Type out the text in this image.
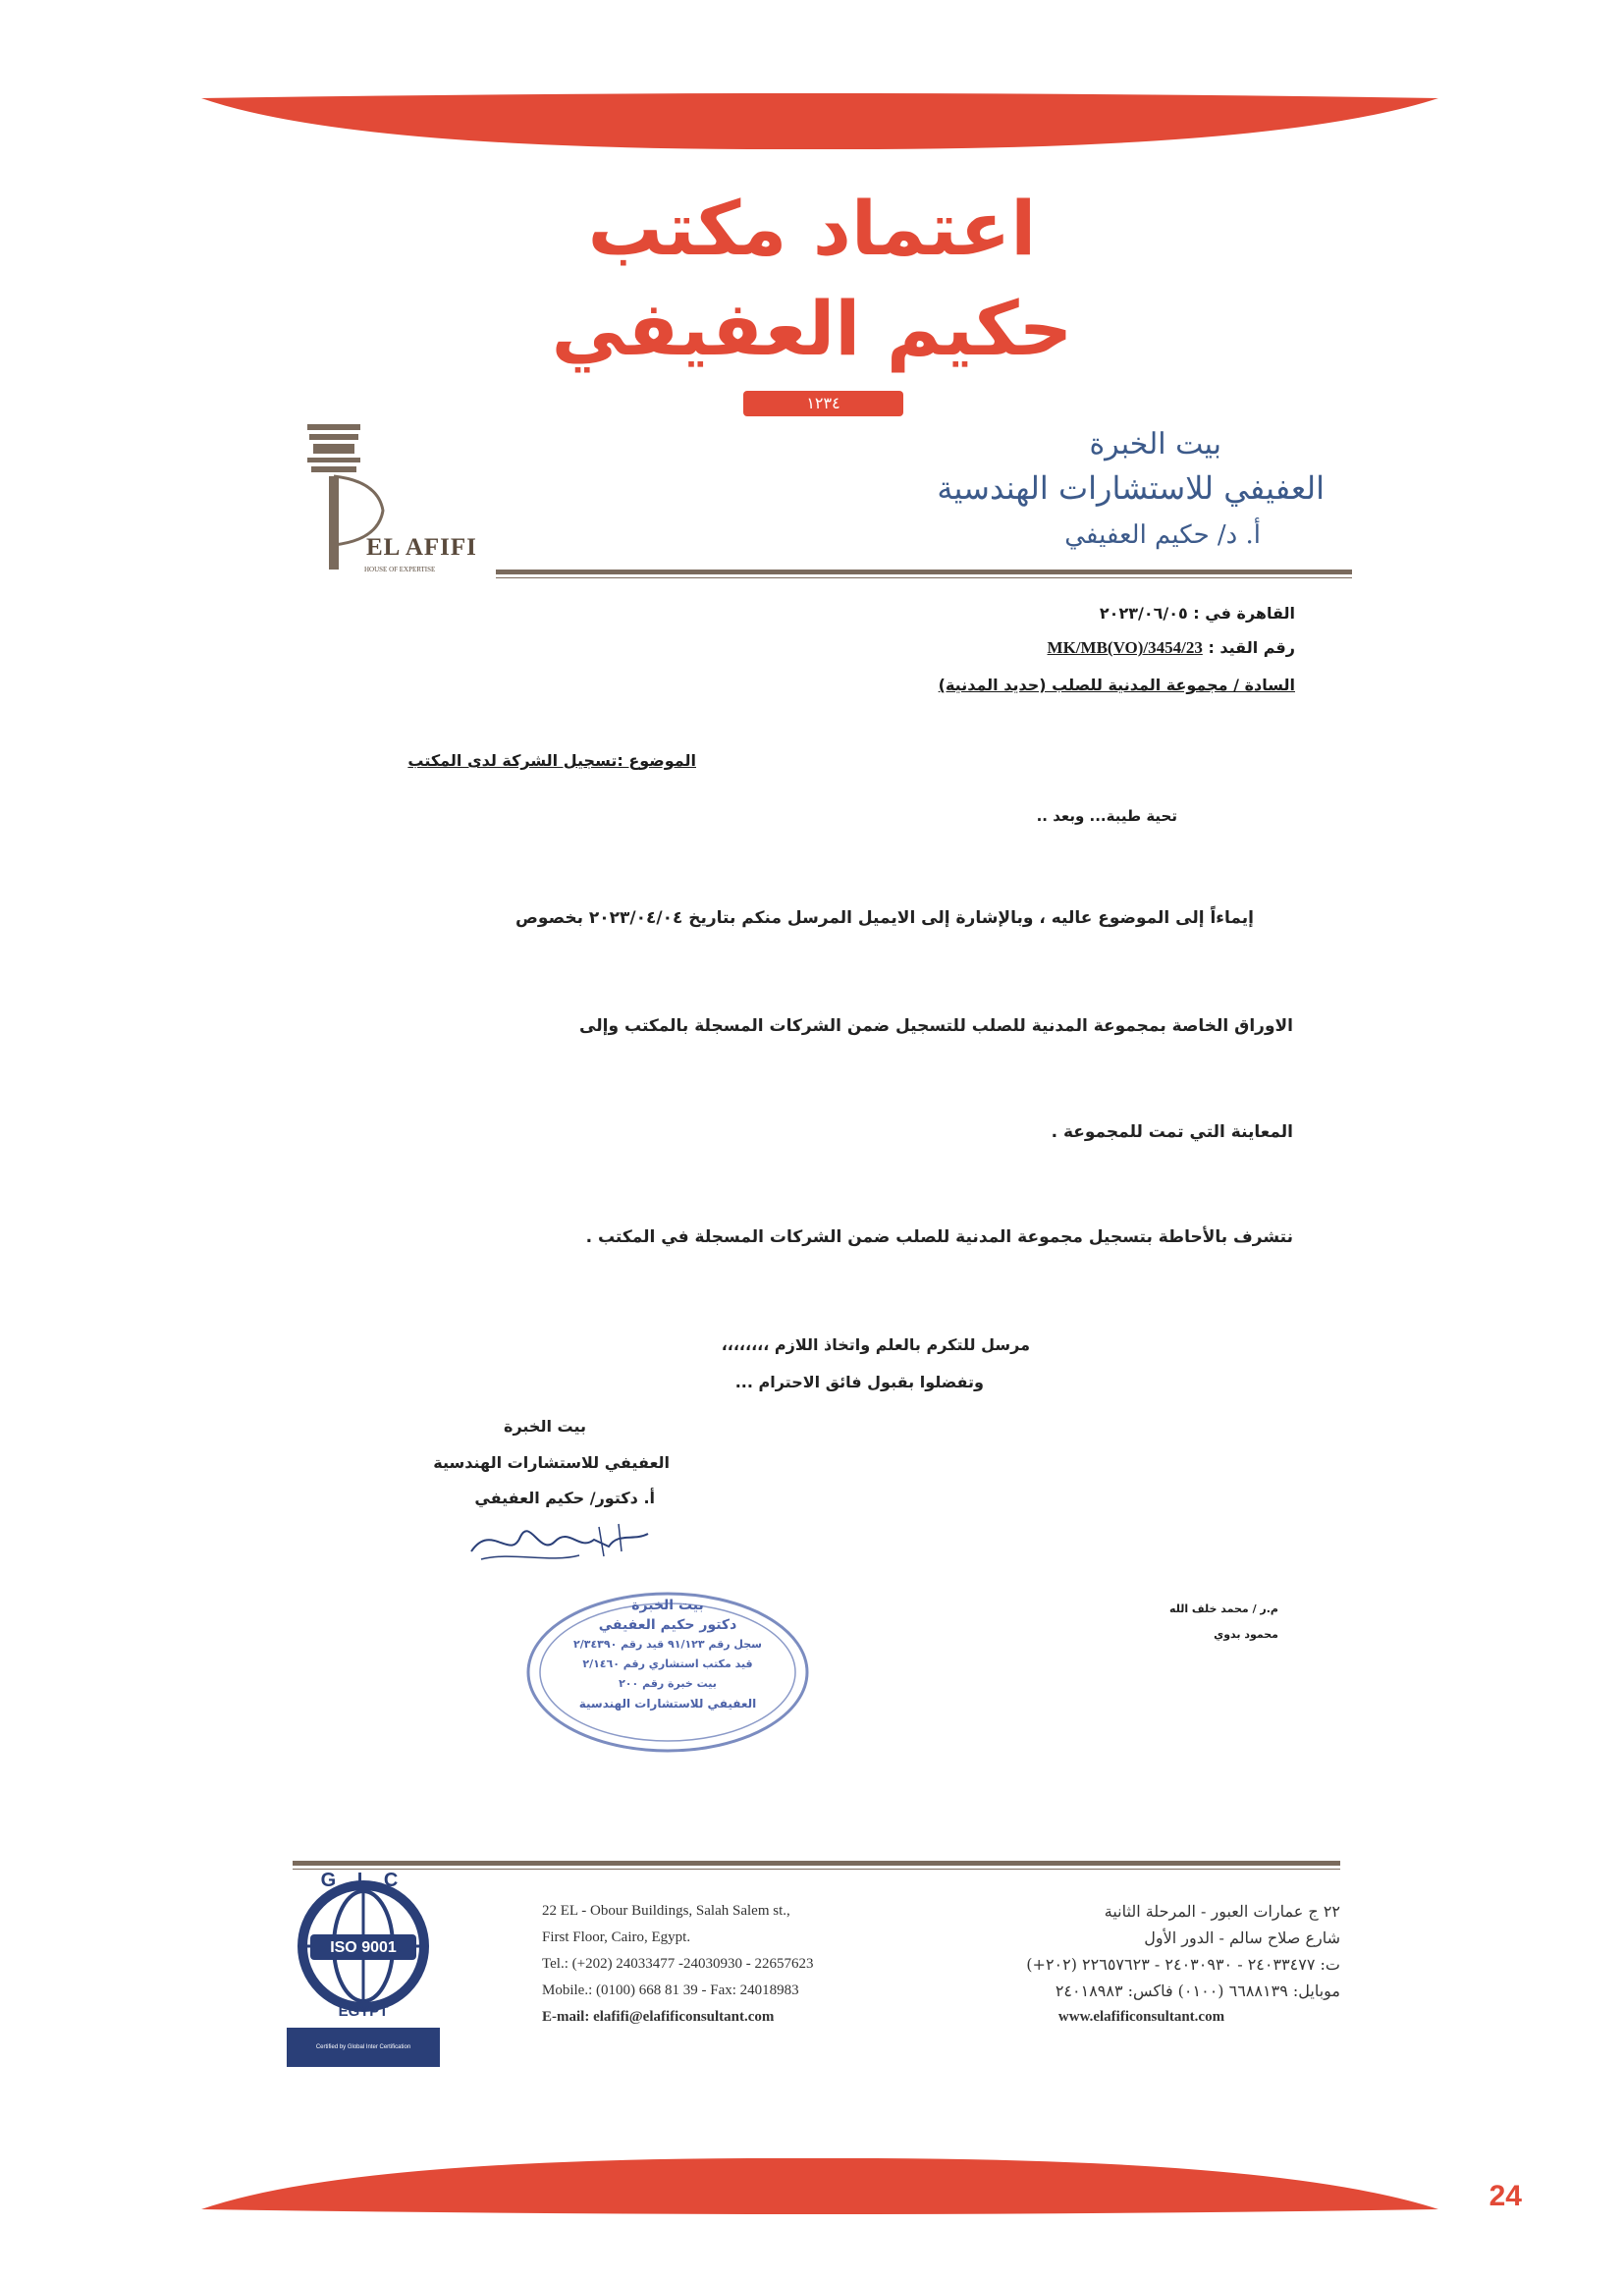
اعتماد مكتب
حكيم العفيفي
١٢٣٤
EL AFIFI
HOUSE OF EXPERTISE
بيت الخبرة
العفيفي للاستشارات الهندسية
أ. د/ حكيم العفيفي
القاهرة في : ٢٠٢٣/٠٦/٠٥
رقم القيد : 3454/23/MK/MB(VO)
السادة / مجموعة المدنية للصلب (حديد المدنية)
الموضوع :تسجيل الشركة لدى المكتب
تحية طيبة... وبعد ..
إيماءاً إلى الموضوع عاليه ، وبالإشارة إلى الايميل المرسل منكم بتاريخ ٢٠٢٣/٠٤/٠٤ بخصوص
الاوراق الخاصة بمجموعة المدنية للصلب للتسجيل ضمن الشركات المسجلة بالمكتب وإلى
المعاينة التي تمت للمجموعة .
نتشرف بالأحاطة بتسجيل مجموعة المدنية للصلب ضمن الشركات المسجلة في المكتب .
مرسل للتكرم بالعلم واتخاذ اللازم ،،،،،،،،
وتفضلوا بقبول فائق الاحترام ...
بيت الخبرة
العفيفي للاستشارات الهندسية
أ. دكتور/ حكيم العفيفي
م.ر / محمد خلف الله
محمود بدوي
بيت الخبرة
دكتور حكيم العفيفي
سجل رقم ٩١/١٢٣ قيد رقم ٢/٣٤٣٩٠
قيد مكتب استشاري رقم ٢/١٤٦٠
بيت خبرة رقم ٢٠٠
العفيفي للاستشارات الهندسية
G I C
ISO 9001
EGYPT
Certified by Global Inter Certification
22 EL - Obour Buildings, Salah Salem st.,
First Floor, Cairo, Egypt.
Tel.: (+202) 24033477 -24030930 - 22657623
Mobile.: (0100) 668 81 39 - Fax: 24018983
E-mail: elafifi@elafificonsultant.com
٢٢ ج عمارات العبور - المرحلة الثانية
شارع صلاح سالم - الدور الأول
ت: ٢٤٠٣٣٤٧٧ - ٢٤٠٣٠٩٣٠ - ٢٢٦٥٧٦٢٣ (٢٠٢+)
موبايل: ٦٦٨٨١٣٩ (٠١٠٠) فاكس: ٢٤٠١٨٩٨٣
www.elafificonsultant.com
24
